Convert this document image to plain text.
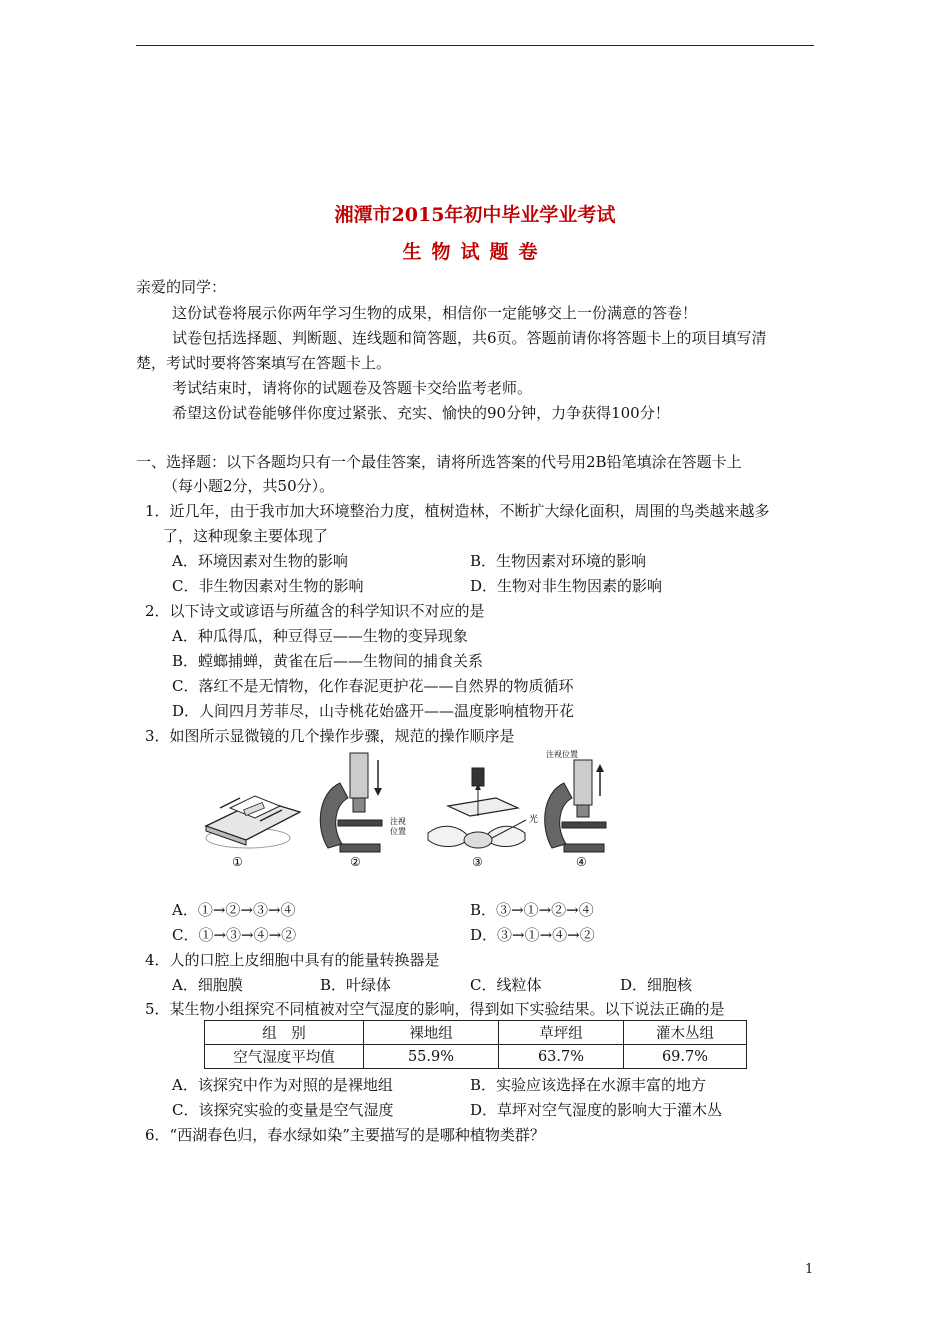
湘潭市2015年初中毕业学业考试
生物试题卷
亲爱的同学：
这份试卷将展示你两年学习生物的成果，相信你一定能够交上一份满意的答卷！
试卷包括选择题、判断题、连线题和简答题，共6页。答题前请你将答题卡上的项目填写清
楚，考试时要将答案填写在答题卡上。
考试结束时，请将你的试题卷及答题卡交给监考老师。
希望这份试卷能够伴你度过紧张、充实、愉快的90分钟，力争获得100分！
一、选择题：以下各题均只有一个最佳答案，请将所选答案的代号用2B铅笔填涂在答题卡上
（每小题2分，共50分）。
1．近几年，由于我市加大环境整治力度，植树造林，不断扩大绿化面积，周围的鸟类越来越多
了，这种现象主要体现了
A．环境因素对生物的影响	B．生物因素对环境的影响
C．非生物因素对生物的影响	D．生物对非生物因素的影响
2．以下诗文或谚语与所蕴含的科学知识不对应的是
A．种瓜得瓜，种豆得豆——生物的变异现象
B．螳螂捕蝉，黄雀在后——生物间的捕食关系
C．落红不是无情物，化作春泥更护花——自然界的物质循环
D．人间四月芳菲尽，山寺桃花始盛开——温度影响植物开花
3．如图所示显微镜的几个操作步骤，规范的操作顺序是
①
注视
位置
②
光
③
注视位置
④
A．①→②→③→④	B．③→①→②→④
C．①→③→④→②	D．③→①→④→②
4．人的口腔上皮细胞中具有的能量转换器是
A．细胞膜	B．叶绿体	C．线粒体	D．细胞核
5．某生物小组探究不同植被对空气湿度的影响，得到如下实验结果。以下说法正确的是
组　别	裸地组	草坪组	灌木丛组
空气湿度平均值	55.9%	63.7%	69.7%
A．该探究中作为对照的是裸地组	B．实验应该选择在水源丰富的地方
C．该探究实验的变量是空气湿度	D．草坪对空气湿度的影响大于灌木丛
6．“西湖春色归，春水绿如染”主要描写的是哪种植物类群？
1
